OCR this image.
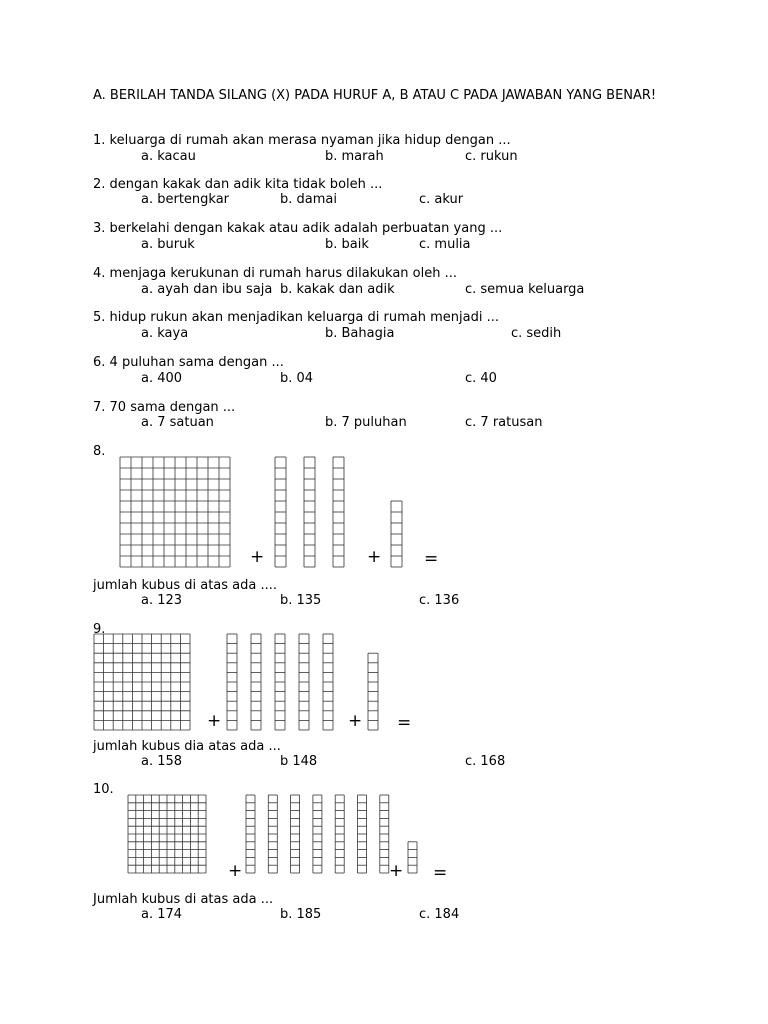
A. BERILAH TANDA SILANG (X) PADA HURUF A, B ATAU C PADA JAWABAN YANG BENAR!
1. keluarga di rumah akan merasa nyaman jika hidup dengan ...
a. kacau	b. marah	c. rukun
2. dengan kakak dan adik kita tidak boleh ...
a. bertengkar	b. damai	c. akur
3. berkelahi dengan kakak atau adik adalah perbuatan yang ...
a. buruk	b. baik	c. mulia
4. menjaga kerukunan di rumah harus dilakukan oleh ...
a. ayah dan ibu saja b. kakak dan adik	c. semua keluarga
5. hidup rukun akan menjadikan keluarga di rumah menjadi ...
a. kaya	b. Bahagia	c. sedih
6. 4 puluhan sama dengan ...
a. 400	b. 04	c. 40
7. 70 sama dengan ...
a. 7 satuan	b. 7 puluhan	c. 7 ratusan
8.
+	+	=
jumlah kubus di atas ada ....
a. 123	b. 135	c. 136
9.
+	+ =
jumlah kubus dia atas ada ...
a. 158	b 148	c. 168
10.
+	+ =
Jumlah kubus di atas ada ...
a. 174	b. 185	c. 184
